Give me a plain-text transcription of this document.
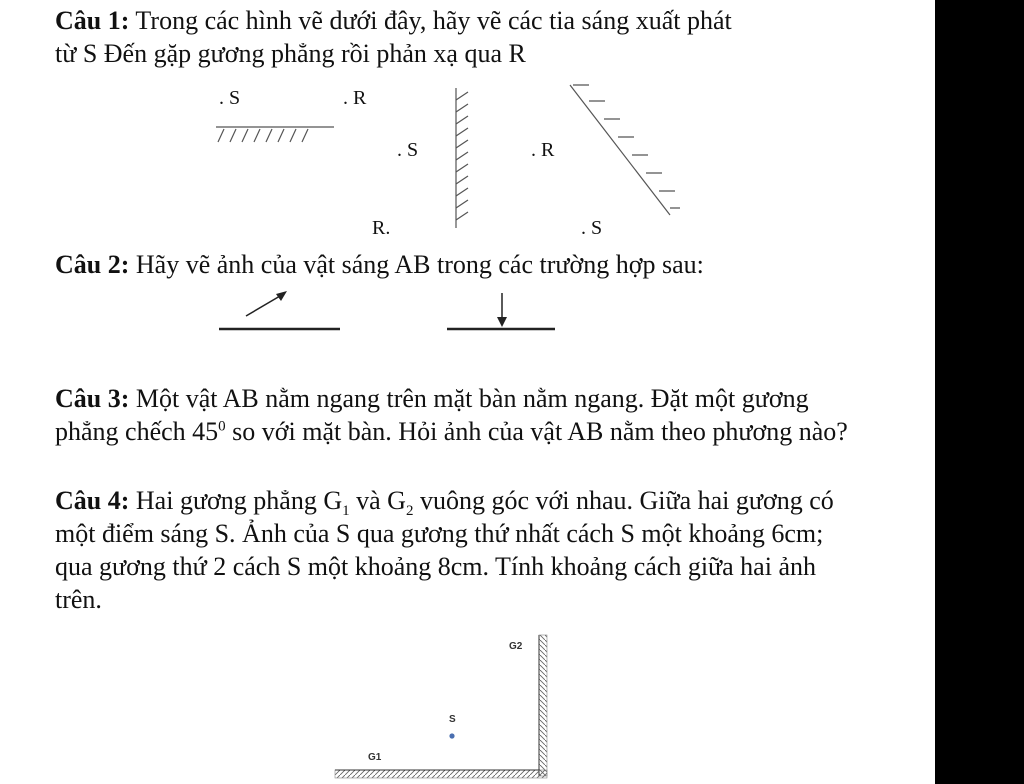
Câu 1: Trong các hình vẽ dưới đây, hãy vẽ các tia sáng xuất phát
từ S Đến gặp gương phẳng rồi phản xạ qua R

. S	. R
. S
R.
. R
. S

Câu 2: Hãy vẽ ảnh của vật sáng AB trong các trường hợp sau:

Câu 3: Một vật AB nằm ngang trên mặt bàn nằm ngang. Đặt một gương phẳng chếch $45^0$ so với mặt bàn. Hỏi ảnh của vật AB nằm theo phương nào?

Câu 4: Hai gương phẳng $G_1$ và $G_2$ vuông góc với nhau. Giữa hai gương có một điểm sáng S. Ảnh của S qua gương thứ nhất cách S một khoảng 6cm; qua gương thứ 2 cách S một khoảng 8cm. Tính khoảng cách giữa hai ảnh trên.

G2
S
G1
